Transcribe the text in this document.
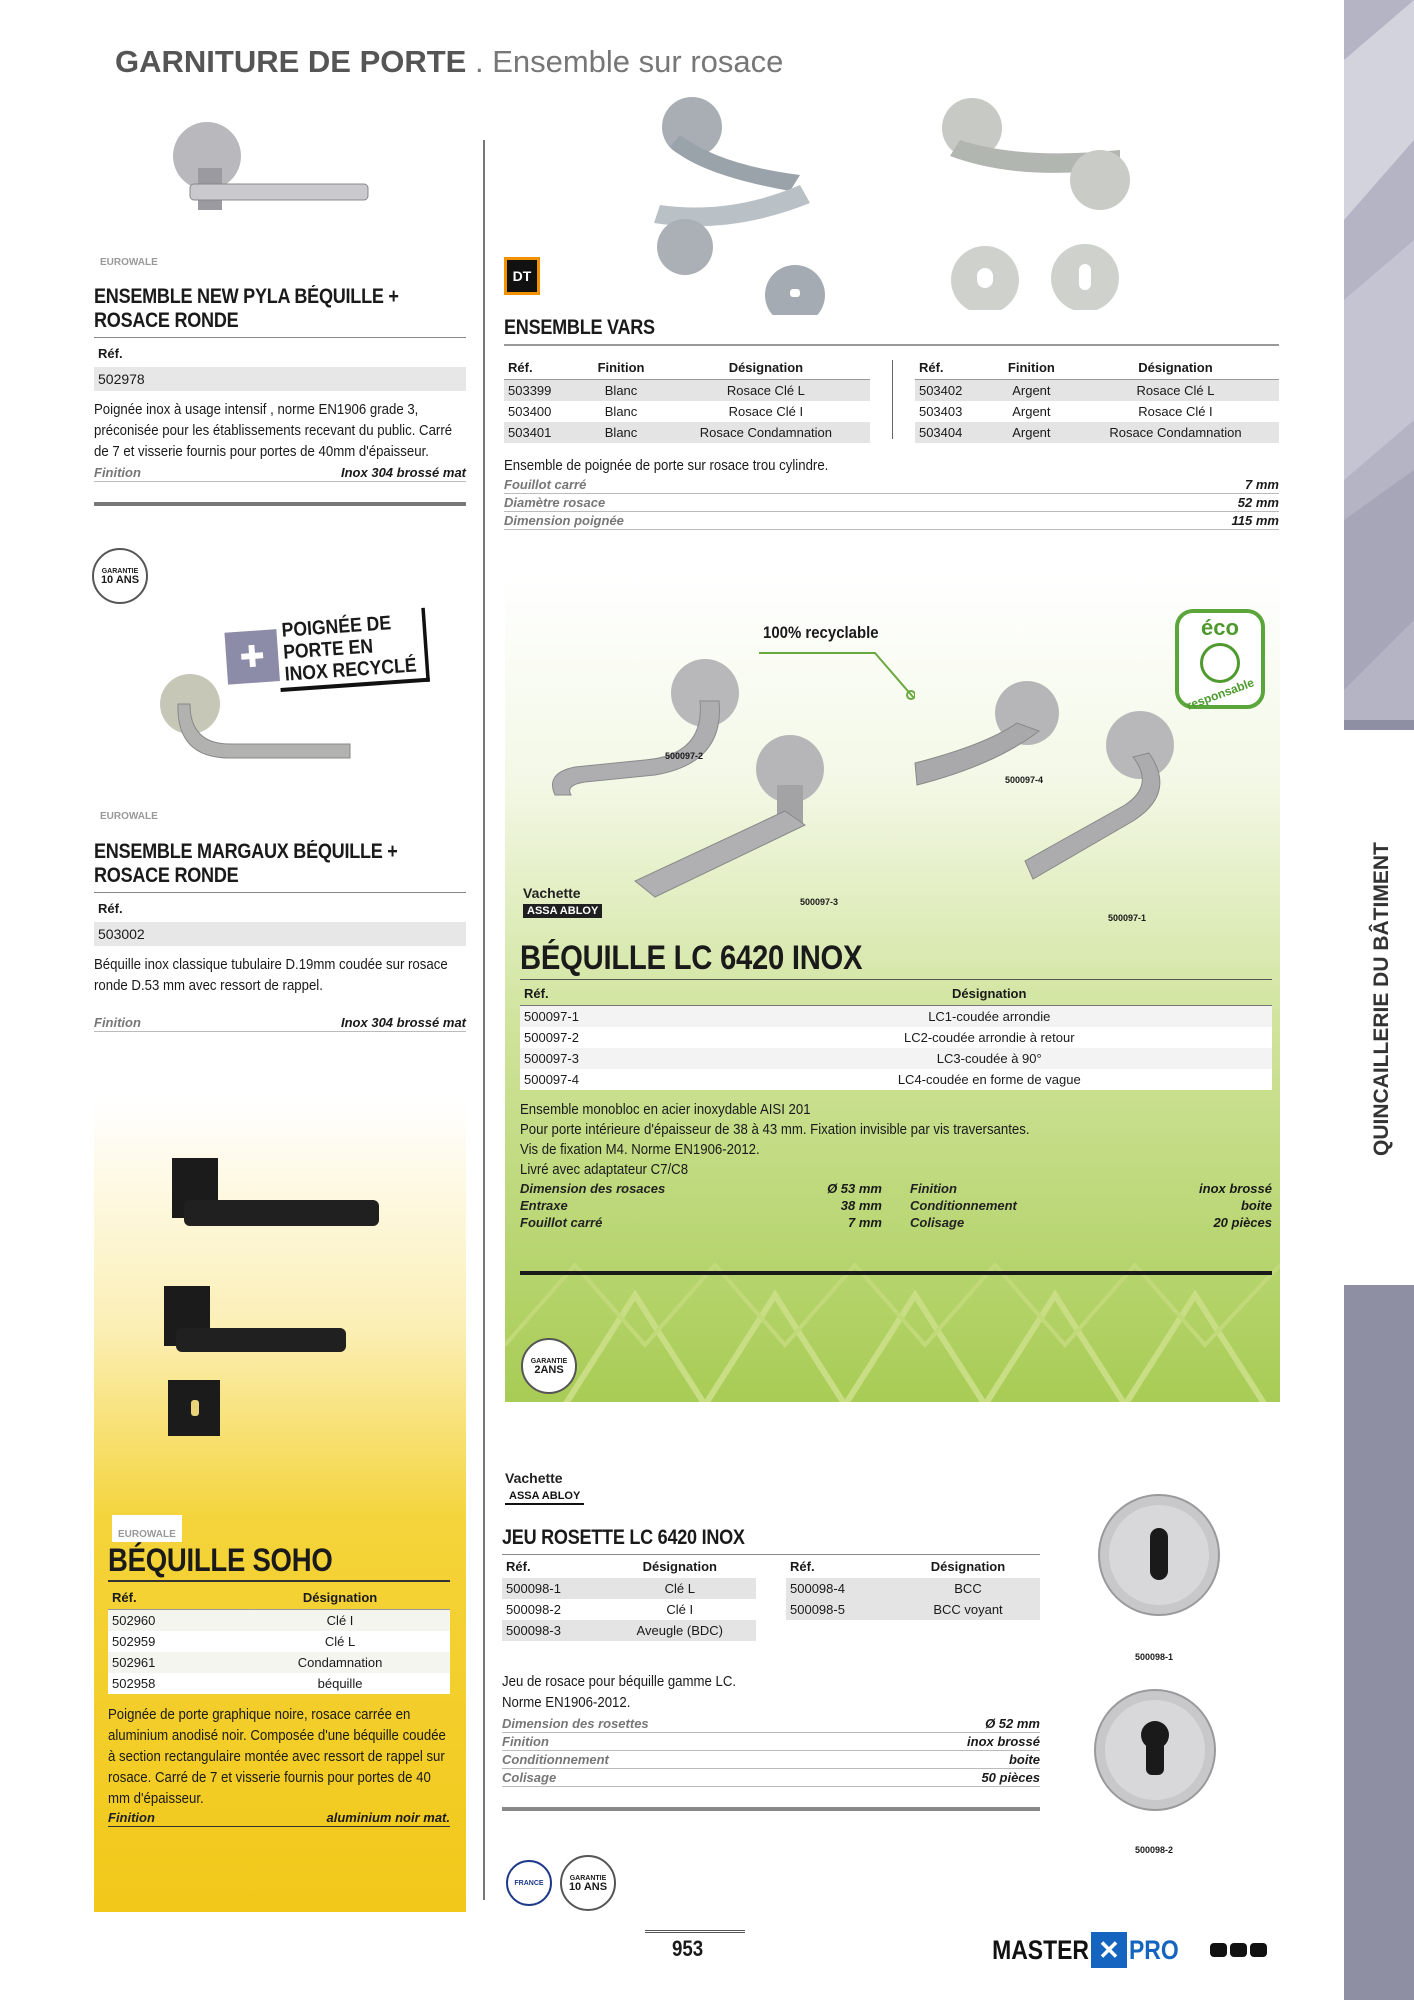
GARNITURE DE PORTE . Ensemble sur rosace
QUINCAILLERIE DU BÂTIMENT
EUROWALE
ENSEMBLE NEW PYLA BÉQUILLE + ROSACE RONDE
Réf.
502978
Poignée inox à usage intensif , norme EN1906 grade 3, préconisée pour les établissements recevant du public. Carré de 7 et visserie fournis pour portes de 40mm d'épaisseur.
Finition	Inox 304 brossé mat
GARANTIE
10 ANS
✚
POIGNÉE DE PORTE EN INOX RECYCLÉ
EUROWALE
ENSEMBLE MARGAUX BÉQUILLE + ROSACE RONDE
Réf.
503002
Béquille inox classique tubulaire D.19mm coudée sur rosace ronde D.53 mm avec ressort de rappel.
Finition	Inox 304 brossé mat
EUROWALE
BÉQUILLE SOHO
Réf.	Désignation
502960	Clé I
502959	Clé L
502961	Condamnation
502958	béquille
Poignée de porte graphique noire, rosace carrée en aluminium anodisé noir. Composée d'une béquille coudée à section rectangulaire montée avec ressort de rappel sur rosace. Carré de 7 et visserie fournis pour portes de 40 mm d'épaisseur.
Finition	aluminium noir mat.
DT
ENSEMBLE VARS
Réf.	Finition	Désignation
503399	Blanc	Rosace Clé L
503400	Blanc	Rosace Clé I
503401	Blanc	Rosace Condamnation
Réf.	Finition	Désignation
503402	Argent	Rosace Clé L
503403	Argent	Rosace Clé I
503404	Argent	Rosace Condamnation
Ensemble de poignée de porte sur rosace trou cylindre.
Fouillot carré	7 mm
Diamètre rosace	52 mm
Dimension poignée	115 mm
100% recyclable	éco
responsable
500097-2
500097-4
500097-3
500097-1
Vachette
ASSA ABLOY
BÉQUILLE LC 6420 INOX
Réf.	Désignation
500097-1	LC1-coudée arrondie
500097-2	LC2-coudée arrondie à retour
500097-3	LC3-coudée à 90°
500097-4	LC4-coudée en forme de vague
Ensemble monobloc en acier inoxydable AISI 201
Pour porte intérieure d'épaisseur de 38 à 43 mm. Fixation invisible par vis traversantes.
Vis de fixation M4. Norme EN1906-2012.
Livré avec adaptateur C7/C8
Dimension des rosaces	Ø 53 mm
Entraxe	38 mm
Fouillot carré	7 mm
Finition	inox brossé
Conditionnement	boite
Colisage	20 pièces
GARANTIE
2ANS
Vachette
ASSA ABLOY
JEU ROSETTE LC 6420 INOX
Réf.	Désignation
500098-1	Clé L
500098-2	Clé I
500098-3	Aveugle (BDC)
Réf.	Désignation
500098-4	BCC
500098-5	BCC voyant
Jeu de rosace pour béquille gamme LC. Norme EN1906-2012.
Dimension des rosettes	Ø 52 mm
Finition	inox brossé
Conditionnement	boite
Colisage	50 pièces
FRANCE
GARANTIE
10 ANS
500098-1
500098-2
953	MASTER ✕ PRO
